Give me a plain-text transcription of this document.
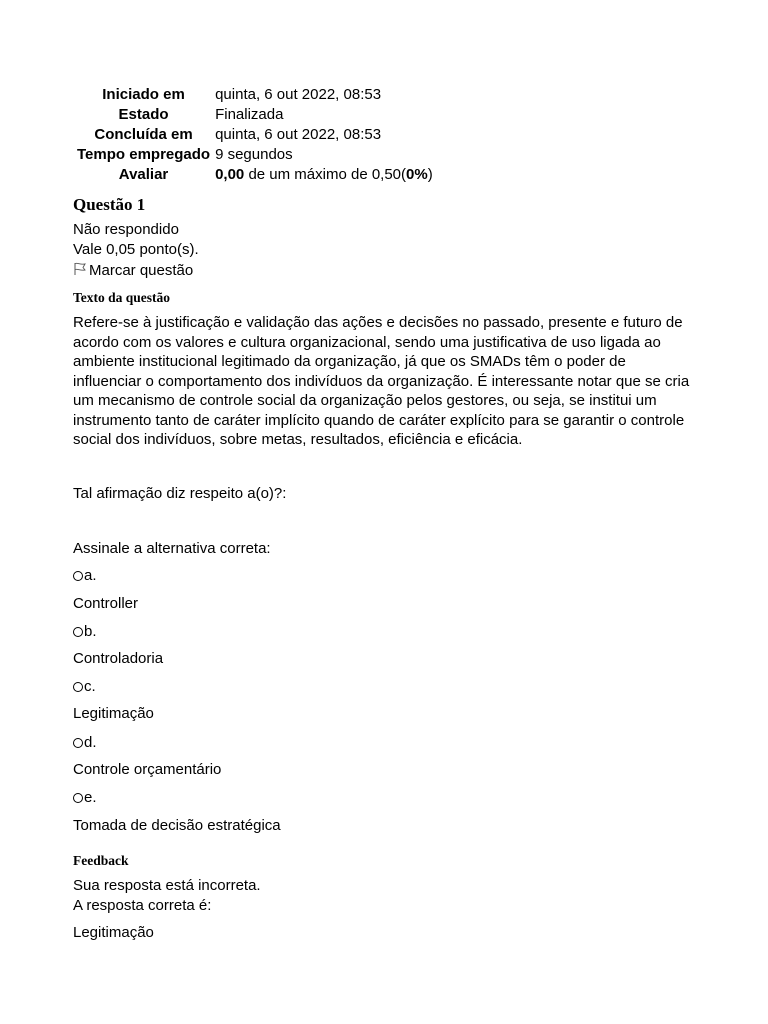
Iniciado em	quinta, 6 out 2022, 08:53
Estado	Finalizada
Concluída em	quinta, 6 out 2022, 08:53
Tempo empregado	9 segundos
Avaliar	0,00 de um máximo de 0,50(0%)
Questão 1
Não respondido
Vale 0,05 ponto(s).
Marcar questão
Texto da questão
Refere-se à justificação e validação das ações e decisões no passado, presente e futuro de acordo com os valores e cultura organizacional, sendo uma justificativa de uso ligada ao ambiente institucional legitimado da organização, já que os SMADs têm o poder de influenciar o comportamento dos indivíduos da organização. É interessante notar que se cria um mecanismo de controle social da organização pelos gestores, ou seja, se institui um instrumento tanto de caráter implícito quando de caráter explícito para se garantir o controle social dos indivíduos, sobre metas, resultados, eficiência e eficácia.
Tal afirmação diz respeito a(o)?:
Assinale a alternativa correta:
a.
Controller
b.
Controladoria
c.
Legitimação
d.
Controle orçamentário
e.
Tomada de decisão estratégica
Feedback
Sua resposta está incorreta.
A resposta correta é:
Legitimação
